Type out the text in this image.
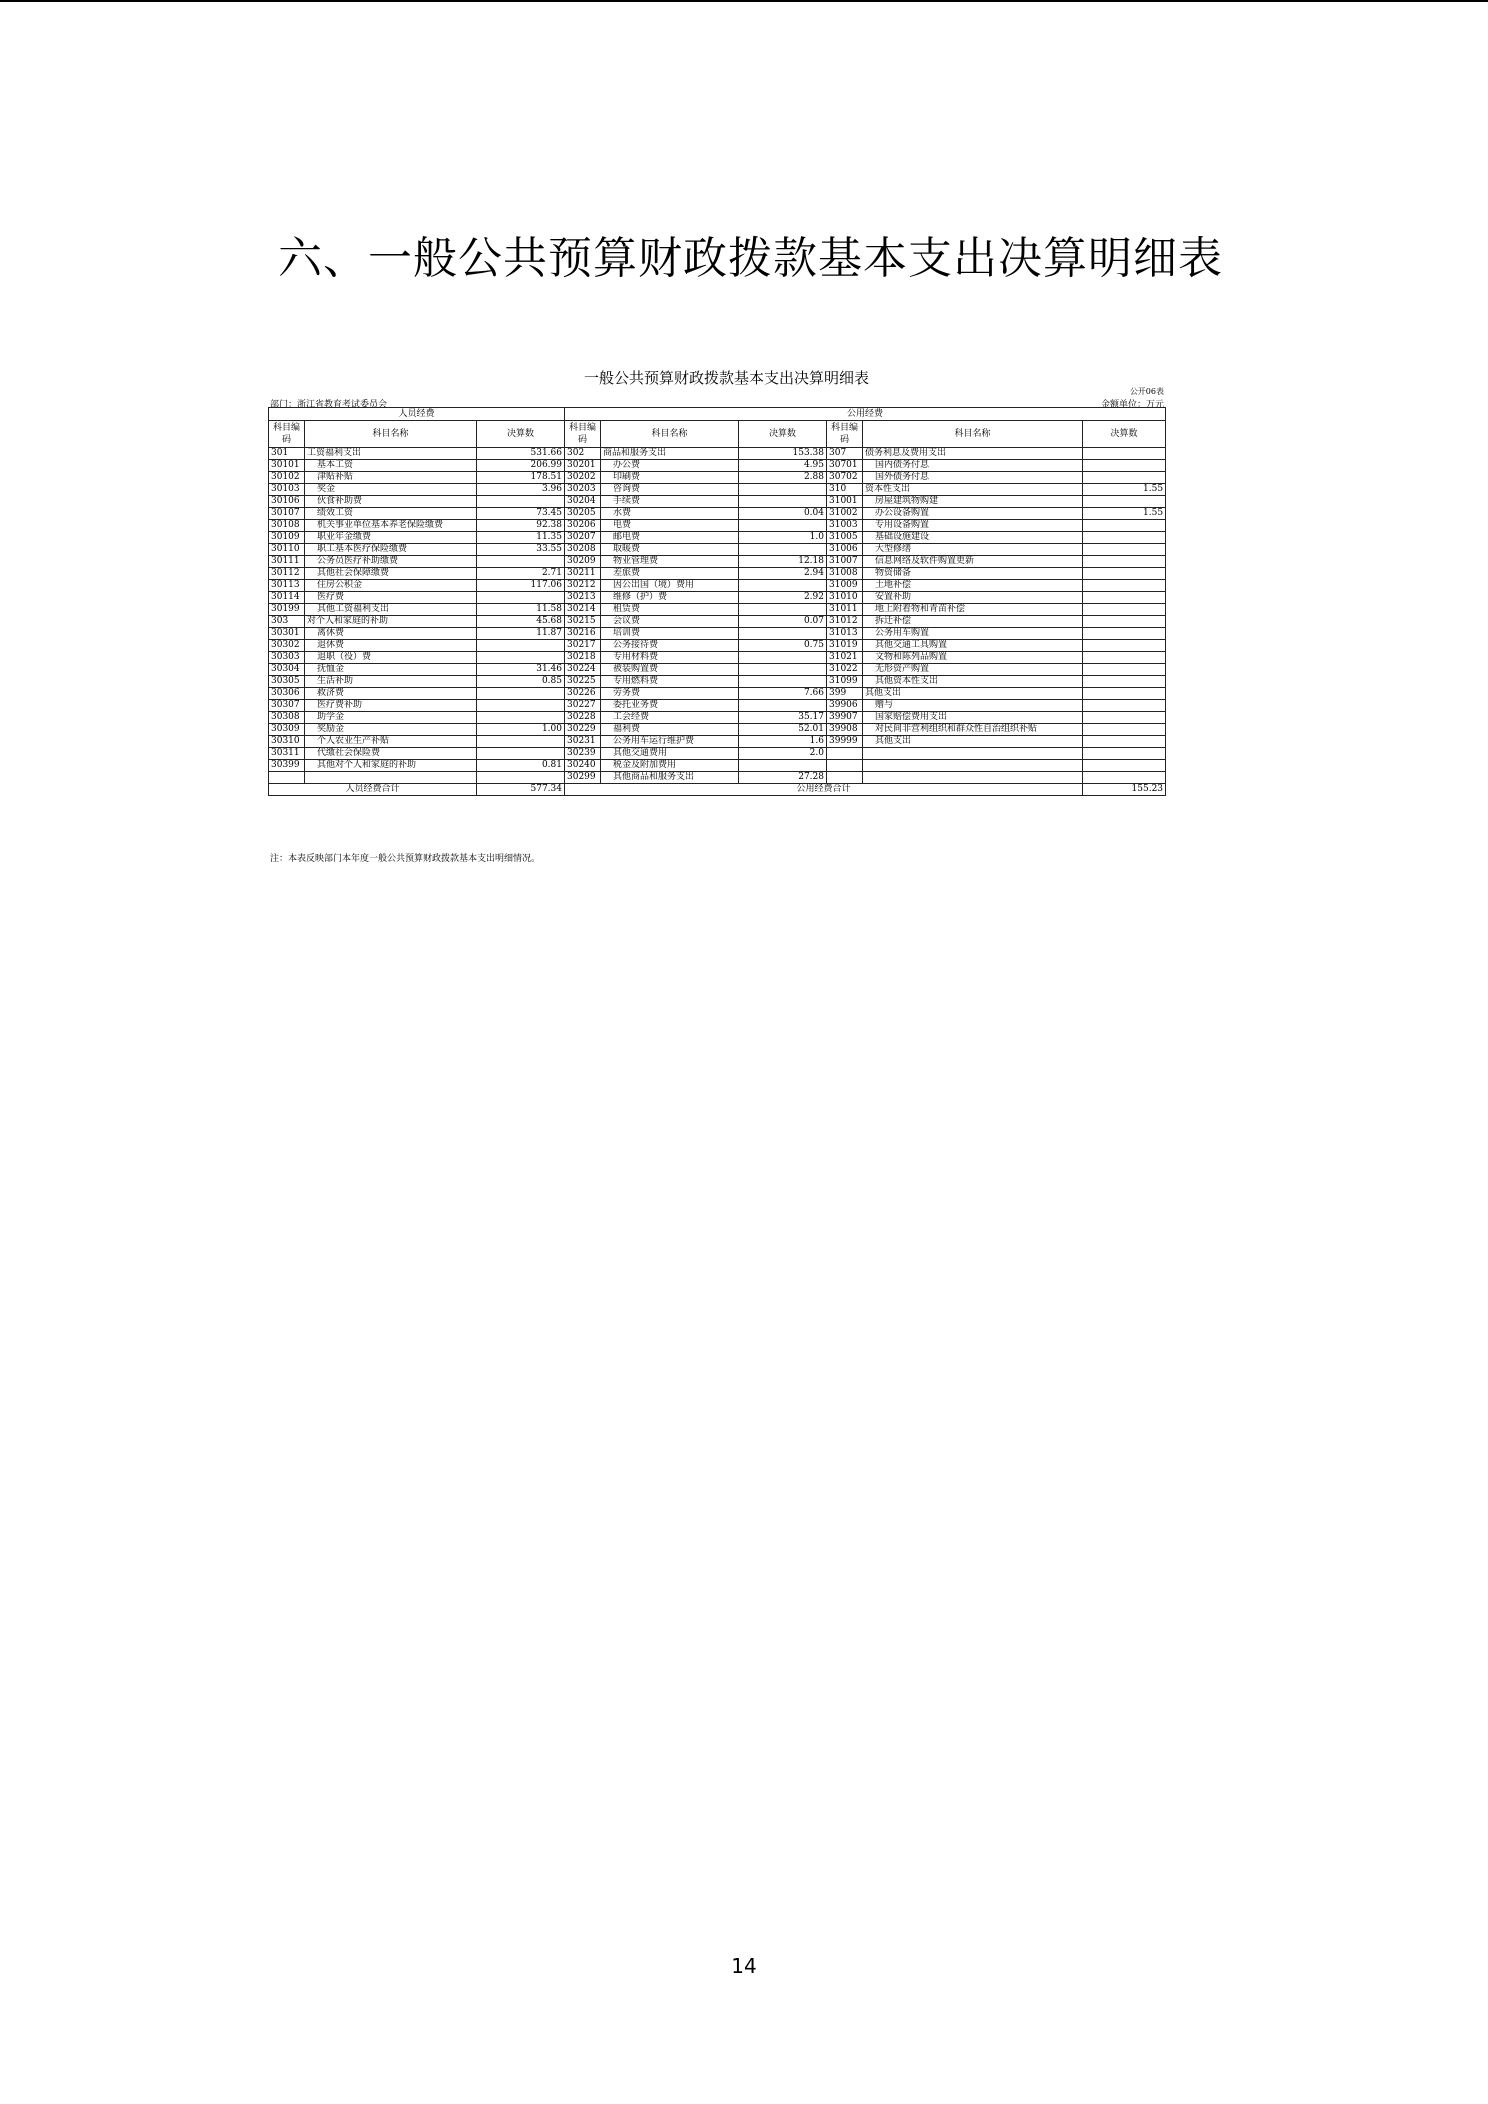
六、一般公共预算财政拨款基本支出决算明细表
一般公共预算财政拨款基本支出决算明细表
公开06表
部门：浙江省教育考试委员会	金额单位：万元
人员经费			公用经费					
科目编码	科目名称	决算数	科目编码	科目名称	决算数	科目编码	科目名称	决算数
301	工资福利支出	531.66	302	商品和服务支出	153.38	307	债务利息及费用支出	
30101	基本工资	206.99	30201	办公费	4.95	30701	国内债务付息	
30102	津贴补贴	178.51	30202	印刷费	2.88	30702	国外债务付息	
30103	奖金	3.96	30203	咨询费		310	资本性支出	1.55
30106	伙食补助费		30204	手续费		31001	房屋建筑物购建	
30107	绩效工资	73.45	30205	水费	0.04	31002	办公设备购置	1.55
30108	机关事业单位基本养老保险缴费	92.38	30206	电费		31003	专用设备购置	
30109	职业年金缴费	11.35	30207	邮电费	1.0	31005	基础设施建设	
30110	职工基本医疗保险缴费	33.55	30208	取暖费		31006	大型修缮	
30111	公务员医疗补助缴费		30209	物业管理费	12.18	31007	信息网络及软件购置更新	
30112	其他社会保障缴费	2.71	30211	差旅费	2.94	31008	物资储备	
30113	住房公积金	117.06	30212	因公出国（境）费用		31009	土地补偿	
30114	医疗费		30213	维修（护）费	2.92	31010	安置补助	
30199	其他工资福利支出	11.58	30214	租赁费		31011	地上附着物和青苗补偿	
303	对个人和家庭的补助	45.68	30215	会议费	0.07	31012	拆迁补偿	
30301	离休费	11.87	30216	培训费		31013	公务用车购置	
30302	退休费		30217	公务接待费	0.75	31019	其他交通工具购置	
30303	退职（役）费		30218	专用材料费		31021	文物和陈列品购置	
30304	抚恤金	31.46	30224	被装购置费		31022	无形资产购置	
30305	生活补助	0.85	30225	专用燃料费		31099	其他资本性支出	
30306	救济费		30226	劳务费	7.66	399	其他支出	
30307	医疗费补助		30227	委托业务费		39906	赠与	
30308	助学金		30228	工会经费	35.17	39907	国家赔偿费用支出	
30309	奖励金	1.00	30229	福利费	52.01	39908	对民间非营利组织和群众性自治组织补贴	
30310	个人农业生产补贴		30231	公务用车运行维护费	1.6	39999	其他支出	
30311	代缴社会保险费		30239	其他交通费用	2.0			
30399	其他对个人和家庭的补助	0.81	30240	税金及附加费用				
			30299	其他商品和服务支出	27.28			
人员经费合计		577.34	公用经费合计					155.23
注：本表反映部门本年度一般公共预算财政拨款基本支出明细情况。
14
